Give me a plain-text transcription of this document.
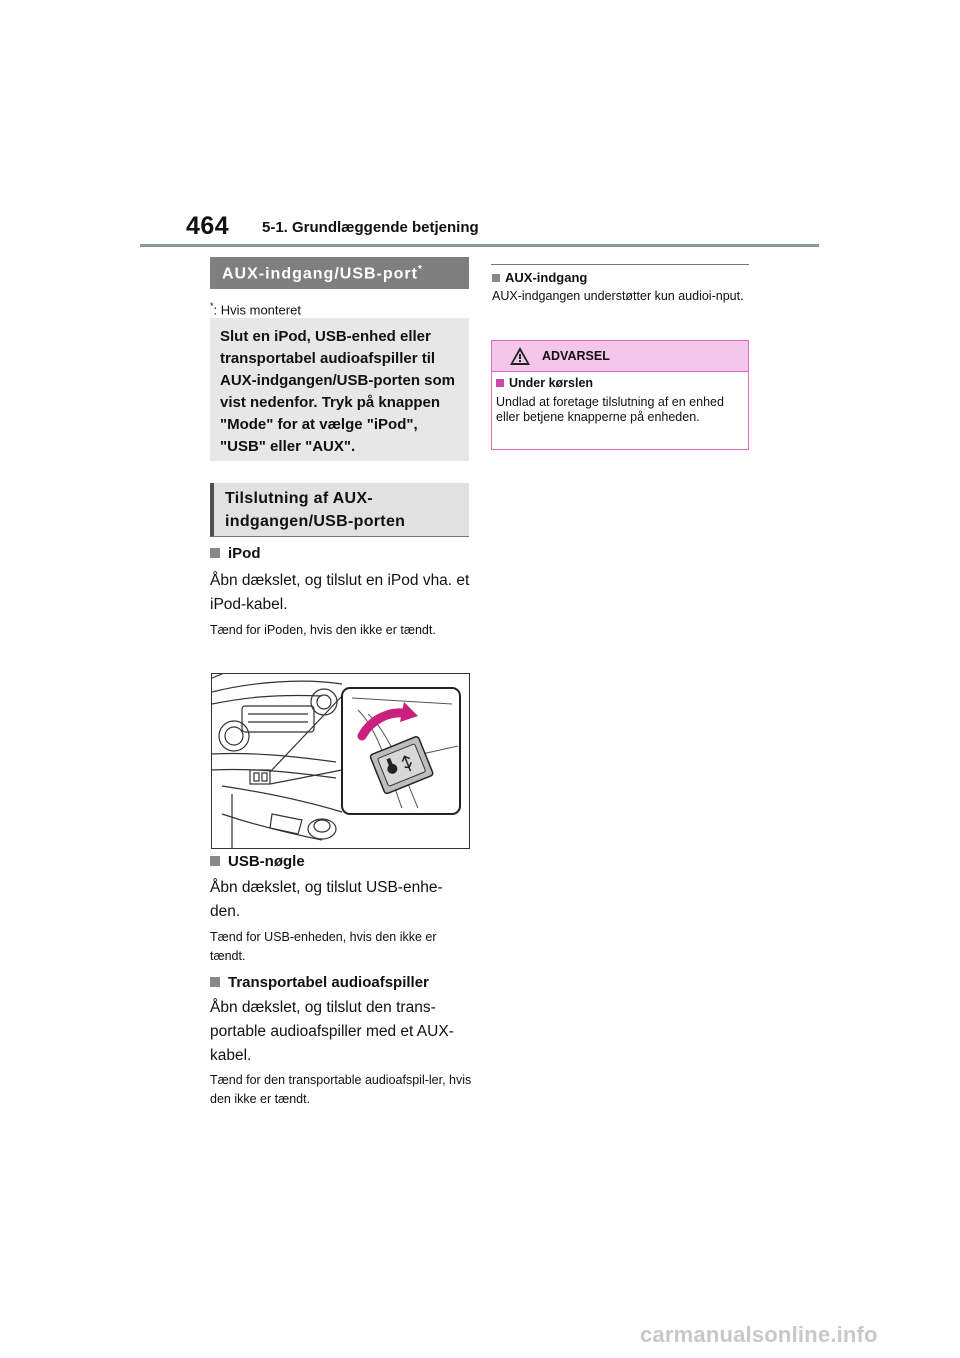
464 5-1. Grundlæggende betjening
AUX-indgang/USB-port*
*: Hvis monteret
Slut en iPod, USB-enhed eller transportabel audioafspiller til AUX-indgangen/USB-porten som vist nedenfor. Tryk på knappen "Mode" for at vælge "iPod", "USB" eller "AUX".
Tilslutning af AUX-indgangen/USB-porten
iPod
Åbn dækslet, og tilslut en iPod vha. et iPod-kabel.
Tænd for iPoden, hvis den ikke er tændt.
USB-nøgle
Åbn dækslet, og tilslut USB-enhe-den.
Tænd for USB-enheden, hvis den ikke er tændt.
Transportabel audioafspiller
Åbn dækslet, og tilslut den trans-portable audioafspiller med et AUX-kabel.
Tænd for den transportable audioafspil-ler, hvis den ikke er tændt.
AUX-indgang
AUX-indgangen understøtter kun audioi-nput.
ADVARSEL
Under kørslen
Undlad at foretage tilslutning af en enhed eller betjene knapperne på enheden.
carmanualsonline.info
